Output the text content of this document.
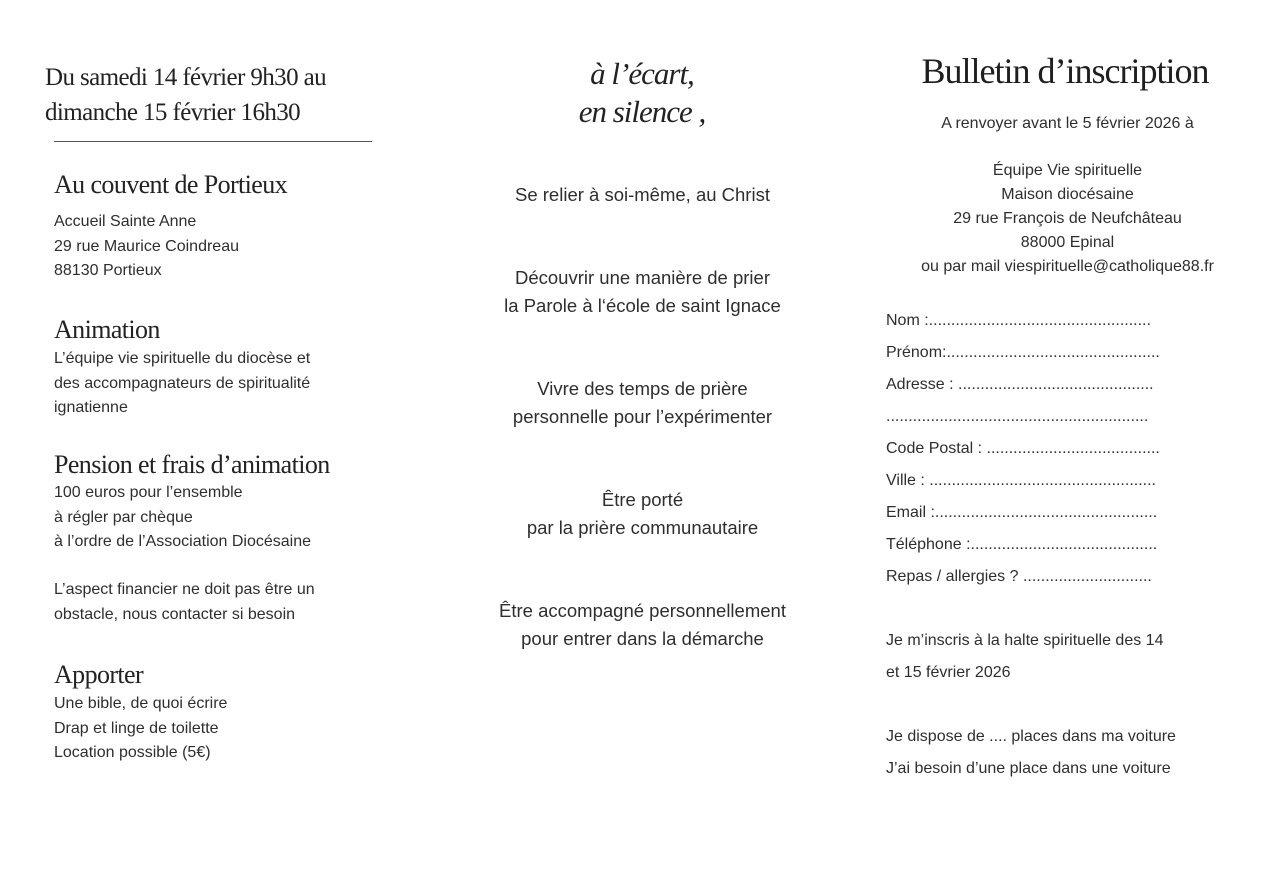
Du samedi 14 février 9h30 au
dimanche 15 février 16h30
Au couvent de Portieux
Accueil Sainte Anne
29 rue Maurice Coindreau
88130 Portieux
Animation
L’équipe vie spirituelle du diocèse et
des accompagnateurs de spiritualité
ignatienne
Pension et frais d’animation
100 euros pour l’ensemble
à régler par chèque
à l’ordre de l’Association Diocésaine
L’aspect financier ne doit pas être un
obstacle, nous contacter si besoin
Apporter
Une bible, de quoi écrire
Drap et linge de toilette
Location possible (5€)
à l’écart,
en silence ,
Se relier à soi-même, au Christ
Découvrir une manière de prier
la Parole à l‘école de saint Ignace
Vivre des temps de prière
personnelle pour l’expérimenter
Être porté
par la prière communautaire
Être accompagné personnellement
pour entrer dans la démarche
Bulletin d’inscription
A renvoyer avant le 5 février 2026 à
Équipe Vie spirituelle
Maison diocésaine
29 rue François de Neufchâteau
88000 Epinal
ou par mail viespirituelle@catholique88.fr
Nom :..................................................
Prénom:................................................
Adresse : ............................................
...........................................................
Code Postal : .......................................
Ville : ...................................................
Email :..................................................
Téléphone :..........................................
Repas / allergies ? .............................
Je m’inscris à la halte spirituelle des 14
et 15 février 2026
Je dispose de .... places dans ma voiture
J’ai besoin d’une place dans une voiture
